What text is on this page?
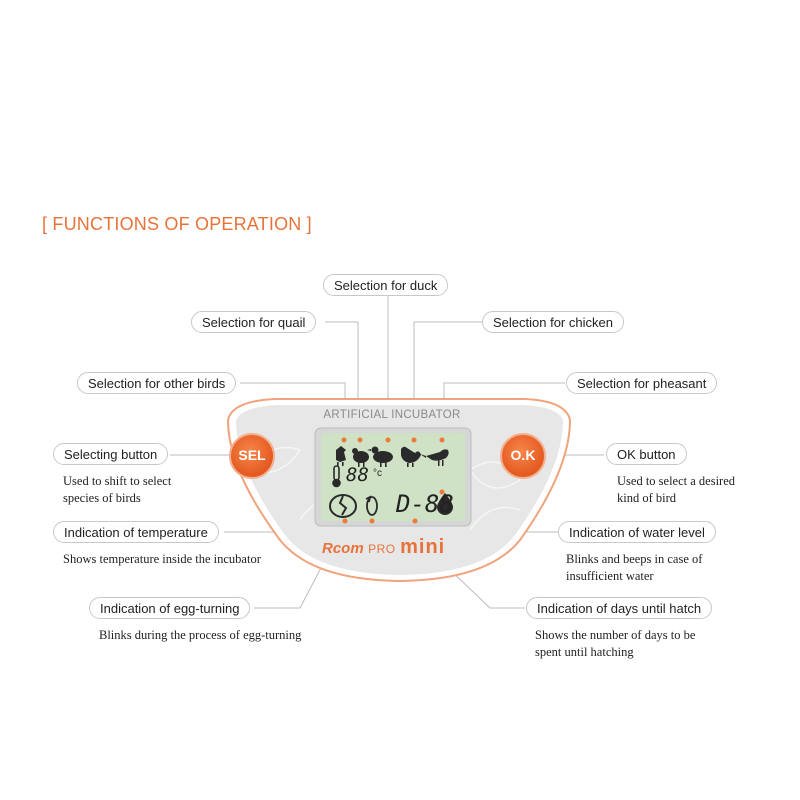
[ FUNCTIONS OF OPERATION ]
88 °c
D-88
ARTIFICIAL INCUBATOR
SEL	O.K
Rcom PRO mini
Selection for duck
Selection for quail	Selection for chicken
Selection for other birds	Selection for pheasant
Selecting button	OK button
Indication of temperature	Indication of water level
Indication of egg-turning	Indication of days until hatch
Used to shift to select
species of birds
Used to select a desired
kind of bird
Shows temperature inside the incubator	Blinks and beeps in case of
insufficient water
Blinks during the process of egg-turning	Shows the number of days to be
spent until hatching
